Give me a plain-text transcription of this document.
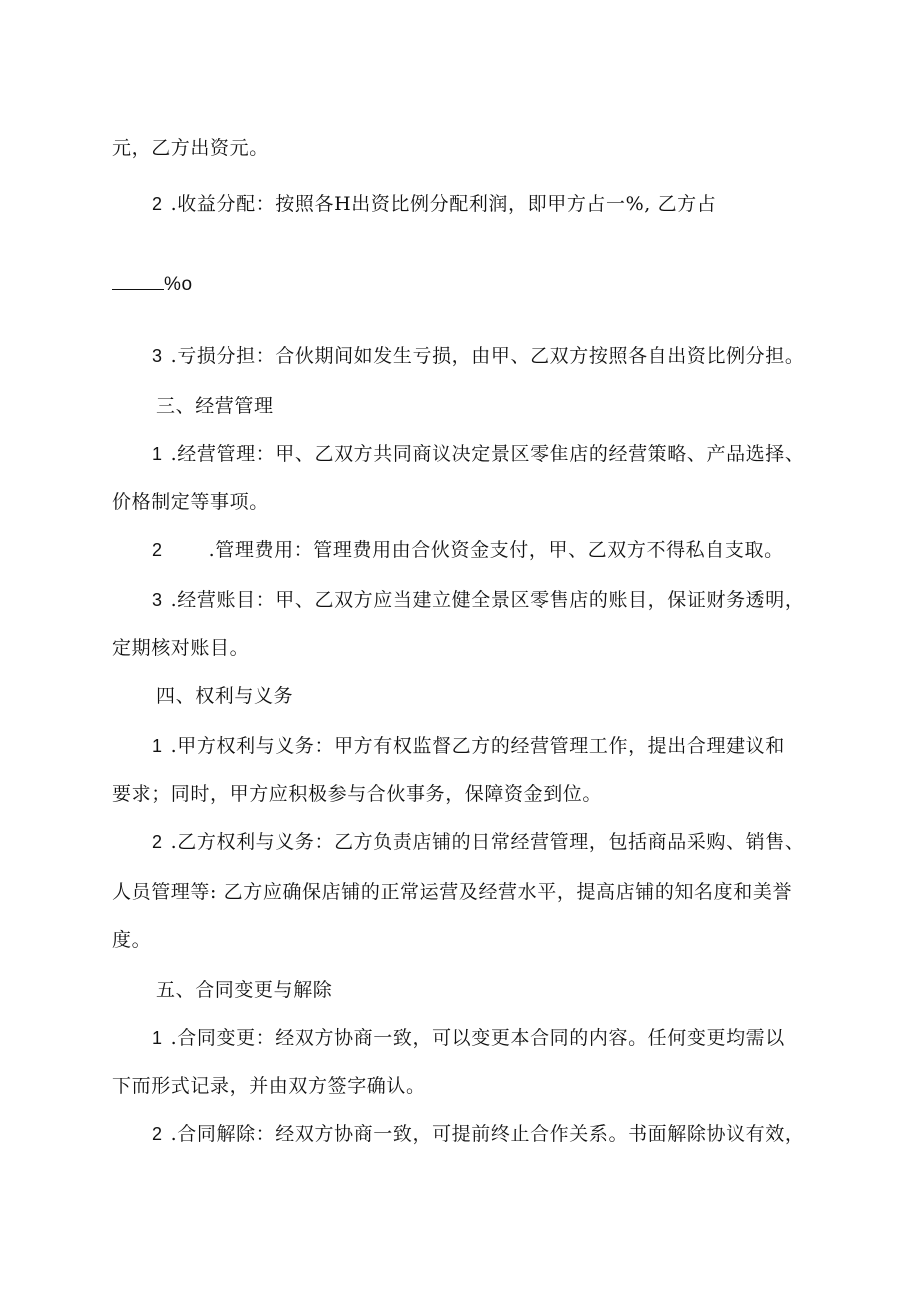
元，乙方出资元。
2 .收益分配：按照各H出资比例分配利润，即甲方占一%, 乙方占
%o
3 .亏损分担：合伙期间如发生亏损，由甲、乙双方按照各自出资比例分担。
三、经营管理
1 .经营管理：甲、乙双方共同商议决定景区零隹店的经营策略、产品选择、
价格制定等事项。
2 .管理费用：管理费用由合伙资金支付，甲、乙双方不得私自支取。
3 .经营账目：甲、乙双方应当建立健全景区零售店的账目，保证财务透明，
定期核对账目。
四、权利与义务
1 .甲方权利与义务：甲方有权监督乙方的经营管理工作，提出合理建议和
要求；同时，甲方应积极参与合伙事务，保障资金到位。
2 .乙方权利与义务：乙方负责店铺的日常经营管理，包括商品采购、销售、
人员管理等: 乙方应确保店铺的正常运营及经营水平，提高店铺的知名度和美誉
度。
五、合同变更与解除
1 .合同变更：经双方协商一致，可以变更本合同的内容。任何变更均需以
下而形式记录，并由双方签字确认。
2 .合同解除：经双方协商一致，可提前终止合作关系。书面解除协议有效，
